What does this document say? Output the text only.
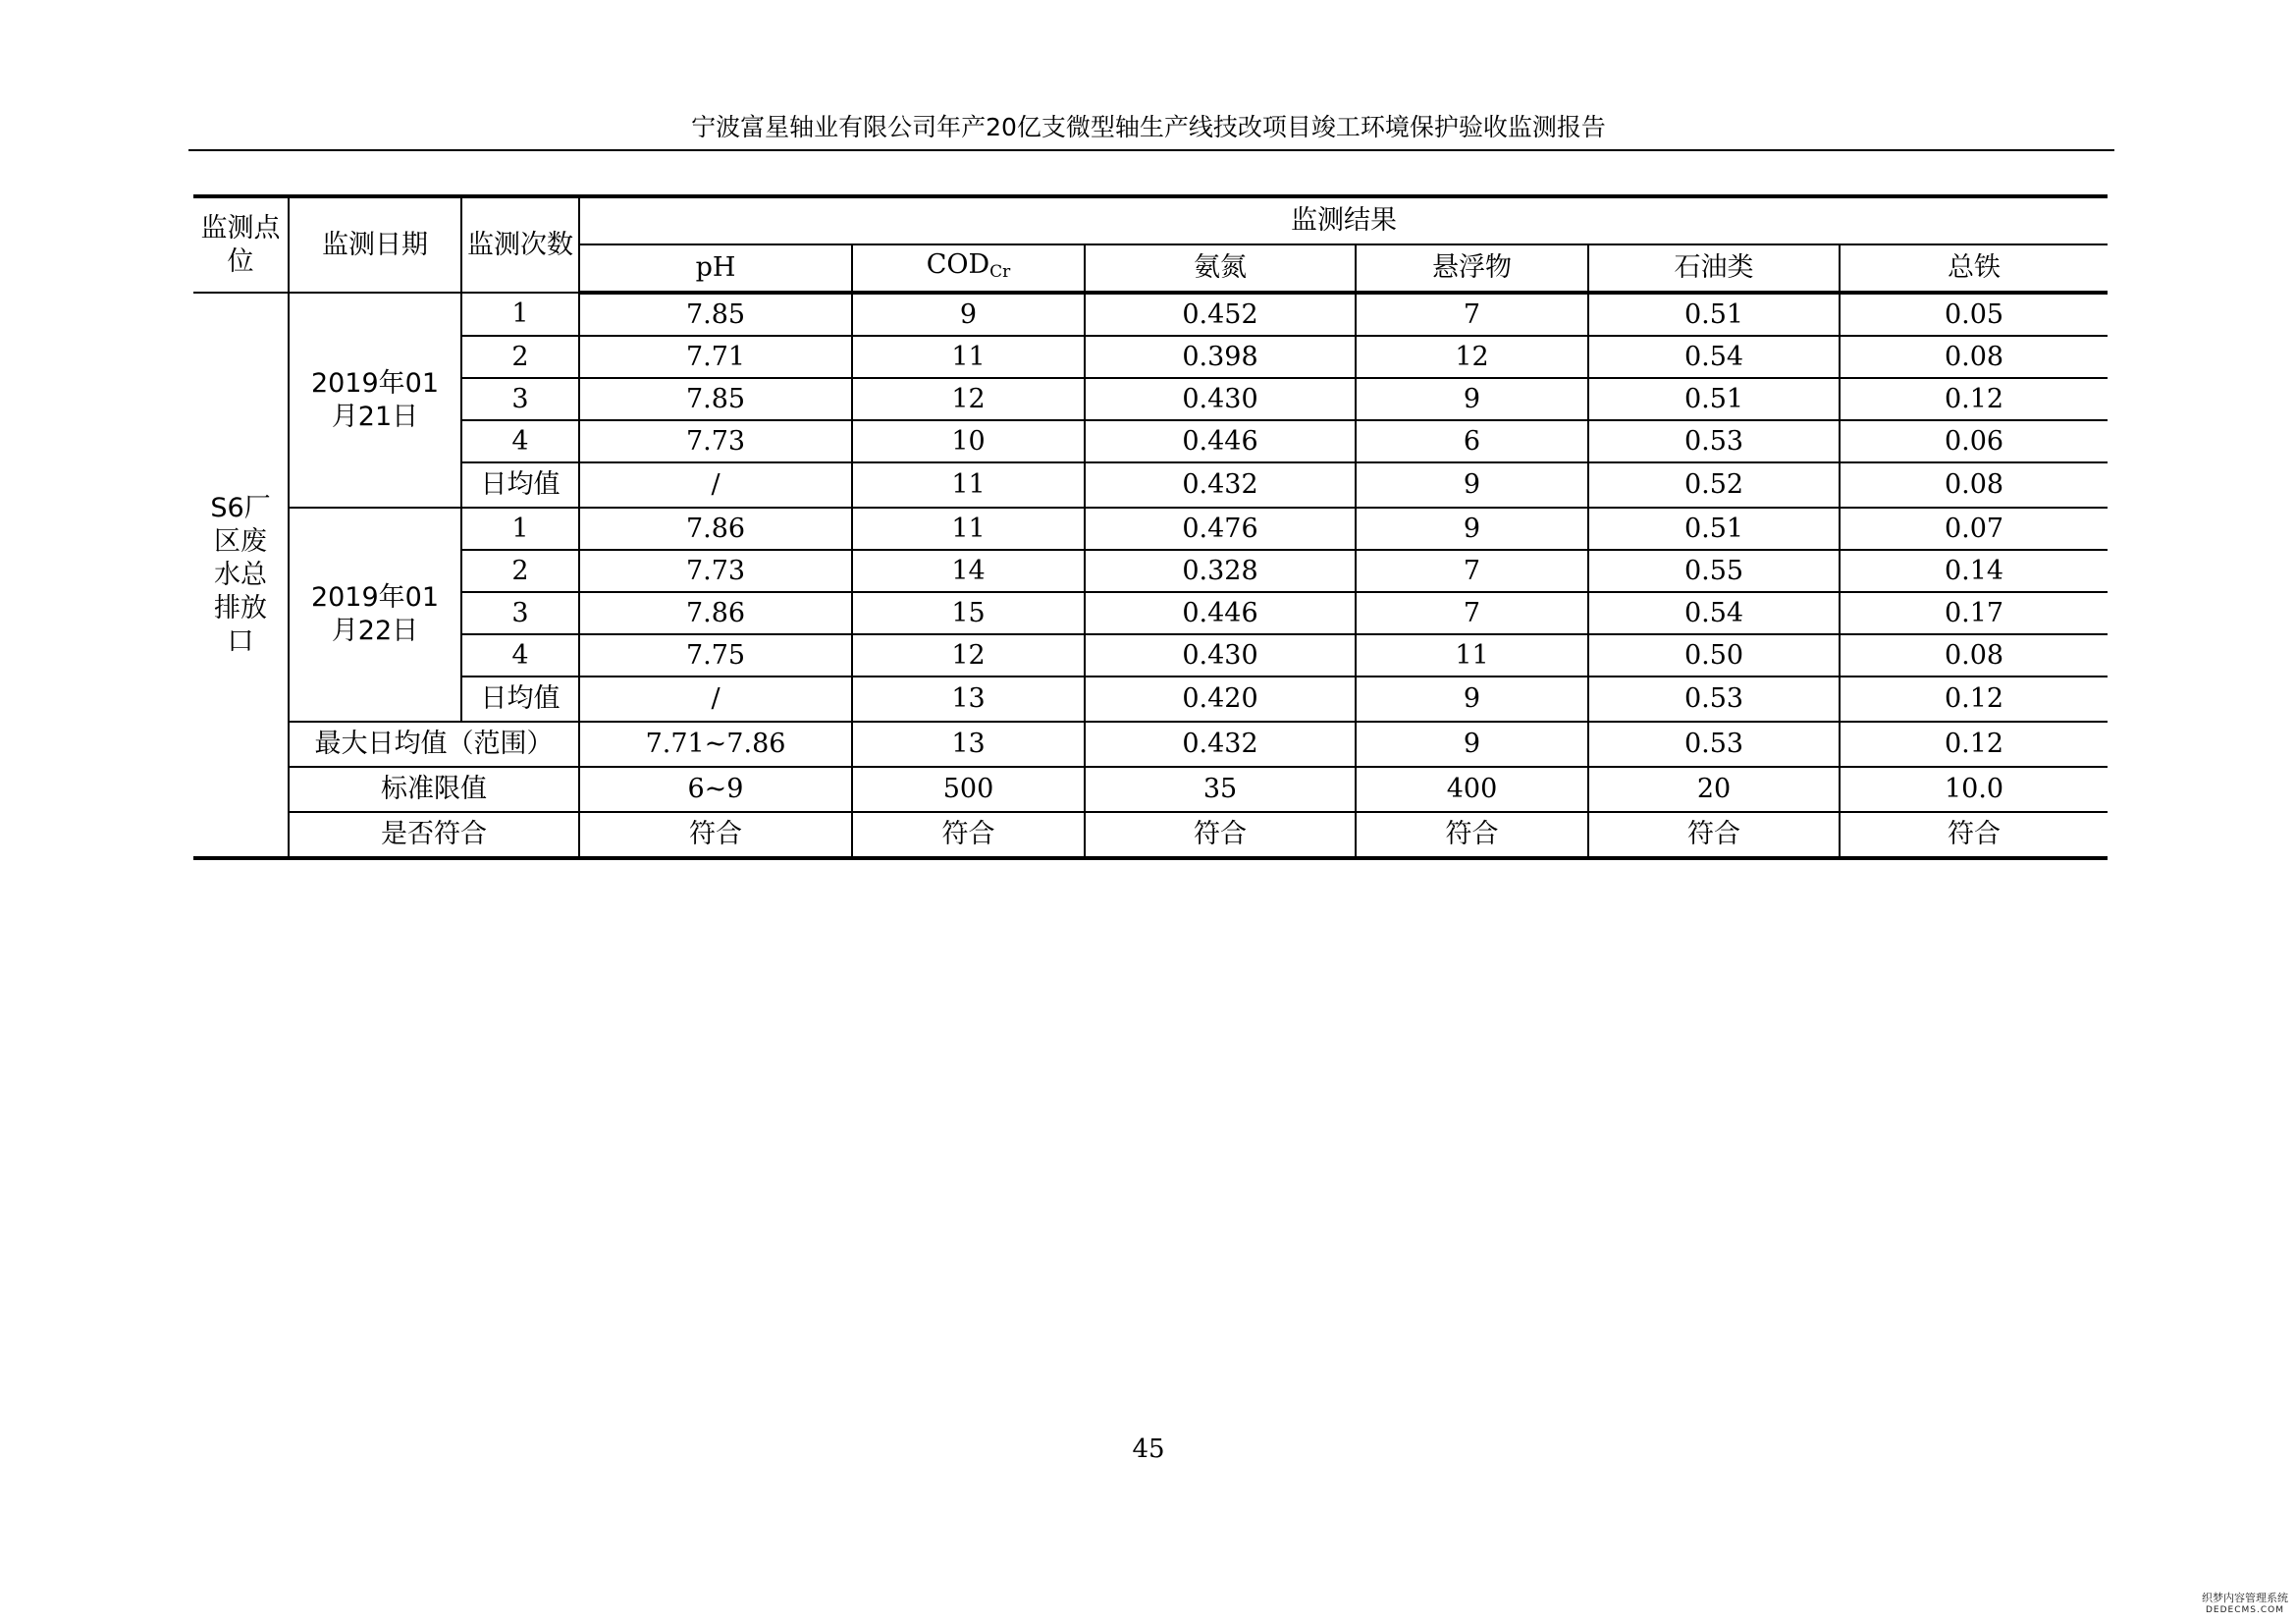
宁波富星轴业有限公司年产20亿支微型轴生产线技改项目竣工环境保护验收监测报告
监测点位	监测日期	监测次数	监测结果					
			pH	$COD_{Cr}$	氨氮	悬浮物	石油类	总铁

S6厂区废水总排放口	2019年01月21日	1	7.85	9	0.452	7	0.51	0.05
		2	7.71	11	0.398	12	0.54	0.08
		3	7.85	12	0.430	9	0.51	0.12
		4	7.73	10	0.446	6	0.53	0.06
		日均值	/	11	0.432	9	0.52	0.08

	2019年01月22日	1	7.86	11	0.476	9	0.51	0.07
		2	7.73	14	0.328	7	0.55	0.14
		3	7.86	15	0.446	7	0.54	0.17
		4	7.75	12	0.430	11	0.50	0.08
		日均值	/	13	0.420	9	0.53	0.12
	最大日均值（范围）		7.71~7.86	13	0.432	9	0.53	0.12
	标准限值		6~9	500	35	400	20	10.0
	是否符合		符合	符合	符合	符合	符合	符合
45
织梦内容管理系统
DEDECMS.COM
